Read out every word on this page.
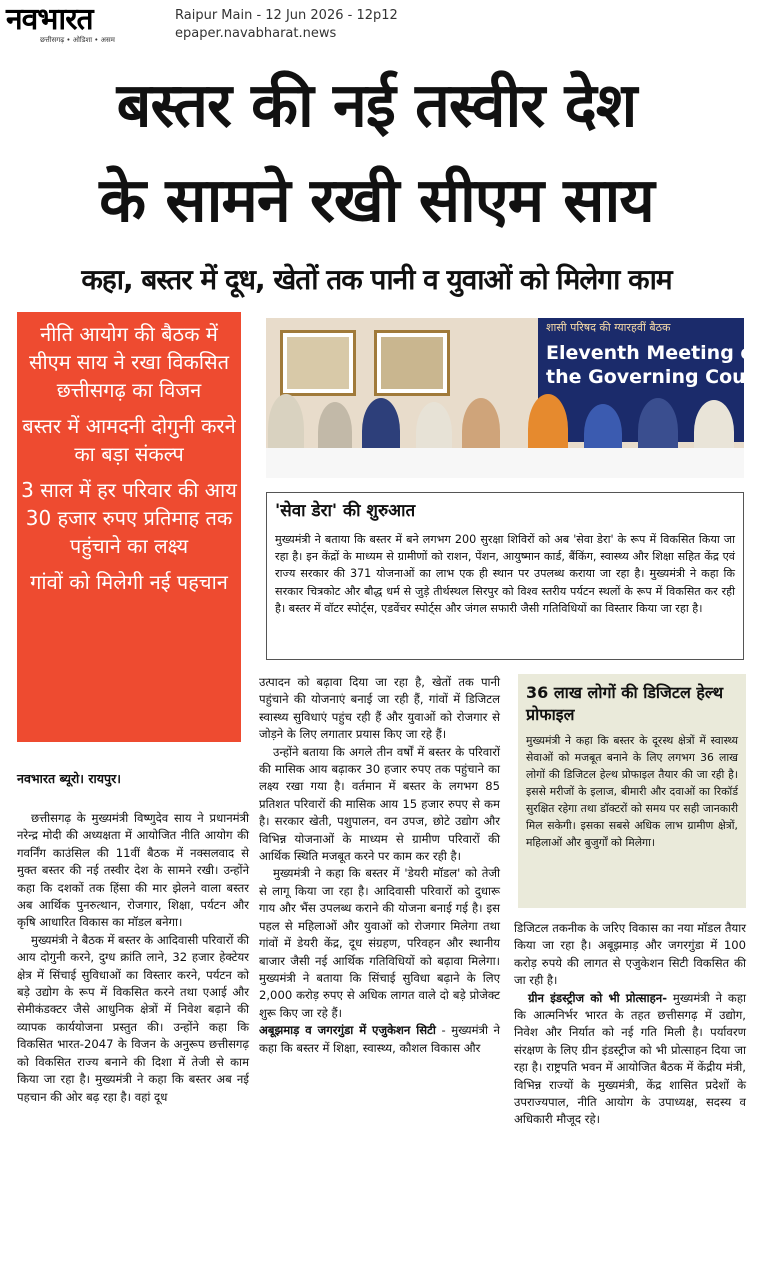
नवभारत
छत्तीसगढ़ • ओडिशा • असम
Raipur Main - 12 Jun 2026 - 12p12
epaper.navabharat.news
बस्तर की नई तस्वीर देश
के सामने रखी सीएम साय
कहा, बस्तर में दूध, खेतों तक पानी व युवाओं को मिलेगा काम
नीति आयोग की बैठक में सीएम साय ने रखा विकसित छत्तीसगढ़ का विजन
बस्तर में आमदनी दोगुनी करने का बड़ा संकल्प
3 साल में हर परिवार की आय 30 हजार रुपए प्रतिमाह तक पहुंचाने का लक्ष्य
गांवों को मिलेगी नई पहचान
शासी परिषद की ग्यारहवीं बैठक
Eleventh Meeting of
the Governing Council
'सेवा डेरा' की शुरुआत
मुख्यमंत्री ने बताया कि बस्तर में बने लगभग 200 सुरक्षा शिविरों को अब 'सेवा डेरा' के रूप में विकसित किया जा रहा है। इन केंद्रों के माध्यम से ग्रामीणों को राशन, पेंशन, आयुष्मान कार्ड, बैंकिंग, स्वास्थ्य और शिक्षा सहित केंद्र एवं राज्य सरकार की 371 योजनाओं का लाभ एक ही स्थान पर उपलब्ध कराया जा रहा है। मुख्यमंत्री ने कहा कि सरकार चित्रकोट और बौद्ध धर्म से जुड़े तीर्थस्थल सिरपुर को विश्व स्तरीय पर्यटन स्थलों के रूप में विकसित कर रही है। बस्तर में वॉटर स्पोर्ट्स, एडवेंचर स्पोर्ट्स और जंगल सफारी जैसी गतिविधियों का विस्तार किया जा रहा है।
36 लाख लोगों की डिजिटल हेल्थ प्रोफाइल
मुख्यमंत्री ने कहा कि बस्तर के दूरस्थ क्षेत्रों में स्वास्थ्य सेवाओं को मजबूत बनाने के लिए लगभग 36 लाख लोगों की डिजिटल हेल्थ प्रोफाइल तैयार की जा रही है। इससे मरीजों के इलाज, बीमारी और दवाओं का रिकॉर्ड सुरक्षित रहेगा तथा डॉक्टरों को समय पर सही जानकारी मिल सकेगी। इसका सबसे अधिक लाभ ग्रामीण क्षेत्रों, महिलाओं और बुजुर्गों को मिलेगा।
नवभारत ब्यूरो। रायपुर।

छत्तीसगढ़ के मुख्यमंत्री विष्णुदेव साय ने प्रधानमंत्री नरेन्द्र मोदी की अध्यक्षता में आयोजित नीति आयोग की गवर्निंग काउंसिल की 11वीं बैठक में नक्सलवाद से मुक्त बस्तर की नई तस्वीर देश के सामने रखी। उन्होंने कहा कि दशकों तक हिंसा की मार झेलने वाला बस्तर अब आर्थिक पुनरुत्थान, रोजगार, शिक्षा, पर्यटन और कृषि आधारित विकास का मॉडल बनेगा।

मुख्यमंत्री ने बैठक में बस्तर के आदिवासी परिवारों की आय दोगुनी करने, दुग्ध क्रांति लाने, 32 हजार हेक्टेयर क्षेत्र में सिंचाई सुविधाओं का विस्तार करने, पर्यटन को बड़े उद्योग के रूप में विकसित करने तथा एआई और सेमीकंडक्टर जैसे आधुनिक क्षेत्रों में निवेश बढ़ाने की व्यापक कार्ययोजना प्रस्तुत की। उन्होंने कहा कि विकसित भारत-2047 के विजन के अनुरूप छत्तीसगढ़ को विकसित राज्य बनाने की दिशा में तेजी से काम किया जा रहा है। मुख्यमंत्री ने कहा कि बस्तर अब नई पहचान की ओर बढ़ रहा है। वहां दूध

उत्पादन को बढ़ावा दिया जा रहा है, खेतों तक पानी पहुंचाने की योजनाएं बनाई जा रही हैं, गांवों में डिजिटल स्वास्थ्य सुविधाएं पहुंच रही हैं और युवाओं को रोजगार से जोड़ने के लिए लगातार प्रयास किए जा रहे हैं।

उन्होंने बताया कि अगले तीन वर्षों में बस्तर के परिवारों की मासिक आय बढ़ाकर 30 हजार रुपए तक पहुंचाने का लक्ष्य रखा गया है। वर्तमान में बस्तर के लगभग 85 प्रतिशत परिवारों की मासिक आय 15 हजार रुपए से कम है। सरकार खेती, पशुपालन, वन उपज, छोटे उद्योग और विभिन्न योजनाओं के माध्यम से ग्रामीण परिवारों की आर्थिक स्थिति मजबूत करने पर काम कर रही है।

मुख्यमंत्री ने कहा कि बस्तर में 'डेयरी मॉडल' को तेजी से लागू किया जा रहा है। आदिवासी परिवारों को दुधारू गाय और भैंस उपलब्ध कराने की योजना बनाई गई है। इस पहल से महिलाओं और युवाओं को रोजगार मिलेगा तथा गांवों में डेयरी केंद्र, दूध संग्रहण, परिवहन और स्थानीय बाजार जैसी नई आर्थिक गतिविधियों को बढ़ावा मिलेगा। मुख्यमंत्री ने बताया कि सिंचाई सुविधा बढ़ाने के लिए 2,000 करोड़ रुपए से अधिक लागत वाले दो बड़े प्रोजेक्ट शुरू किए जा रहे हैं।

अबूझमाड़ व जगरगुंडा में एजुकेशन सिटी - मुख्यमंत्री ने कहा कि बस्तर में शिक्षा, स्वास्थ्य, कौशल विकास और

डिजिटल तकनीक के जरिए विकास का नया मॉडल तैयार किया जा रहा है। अबूझमाड़ और जगरगुंडा में 100 करोड़ रुपये की लागत से एजुकेशन सिटी विकसित की जा रही है।

ग्रीन इंडस्ट्रीज को भी प्रोत्साहन- मुख्यमंत्री ने कहा कि आत्मनिर्भर भारत के तहत छत्तीसगढ़ में उद्योग, निवेश और निर्यात को नई गति मिली है। पर्यावरण संरक्षण के लिए ग्रीन इंडस्ट्रीज को भी प्रोत्साहन दिया जा रहा है। राष्ट्रपति भवन में आयोजित बैठक में केंद्रीय मंत्री, विभिन्न राज्यों के मुख्यमंत्री, केंद्र शासित प्रदेशों के उपराज्यपाल, नीति आयोग के उपाध्यक्ष, सदस्य व अधिकारी मौजूद रहे।
